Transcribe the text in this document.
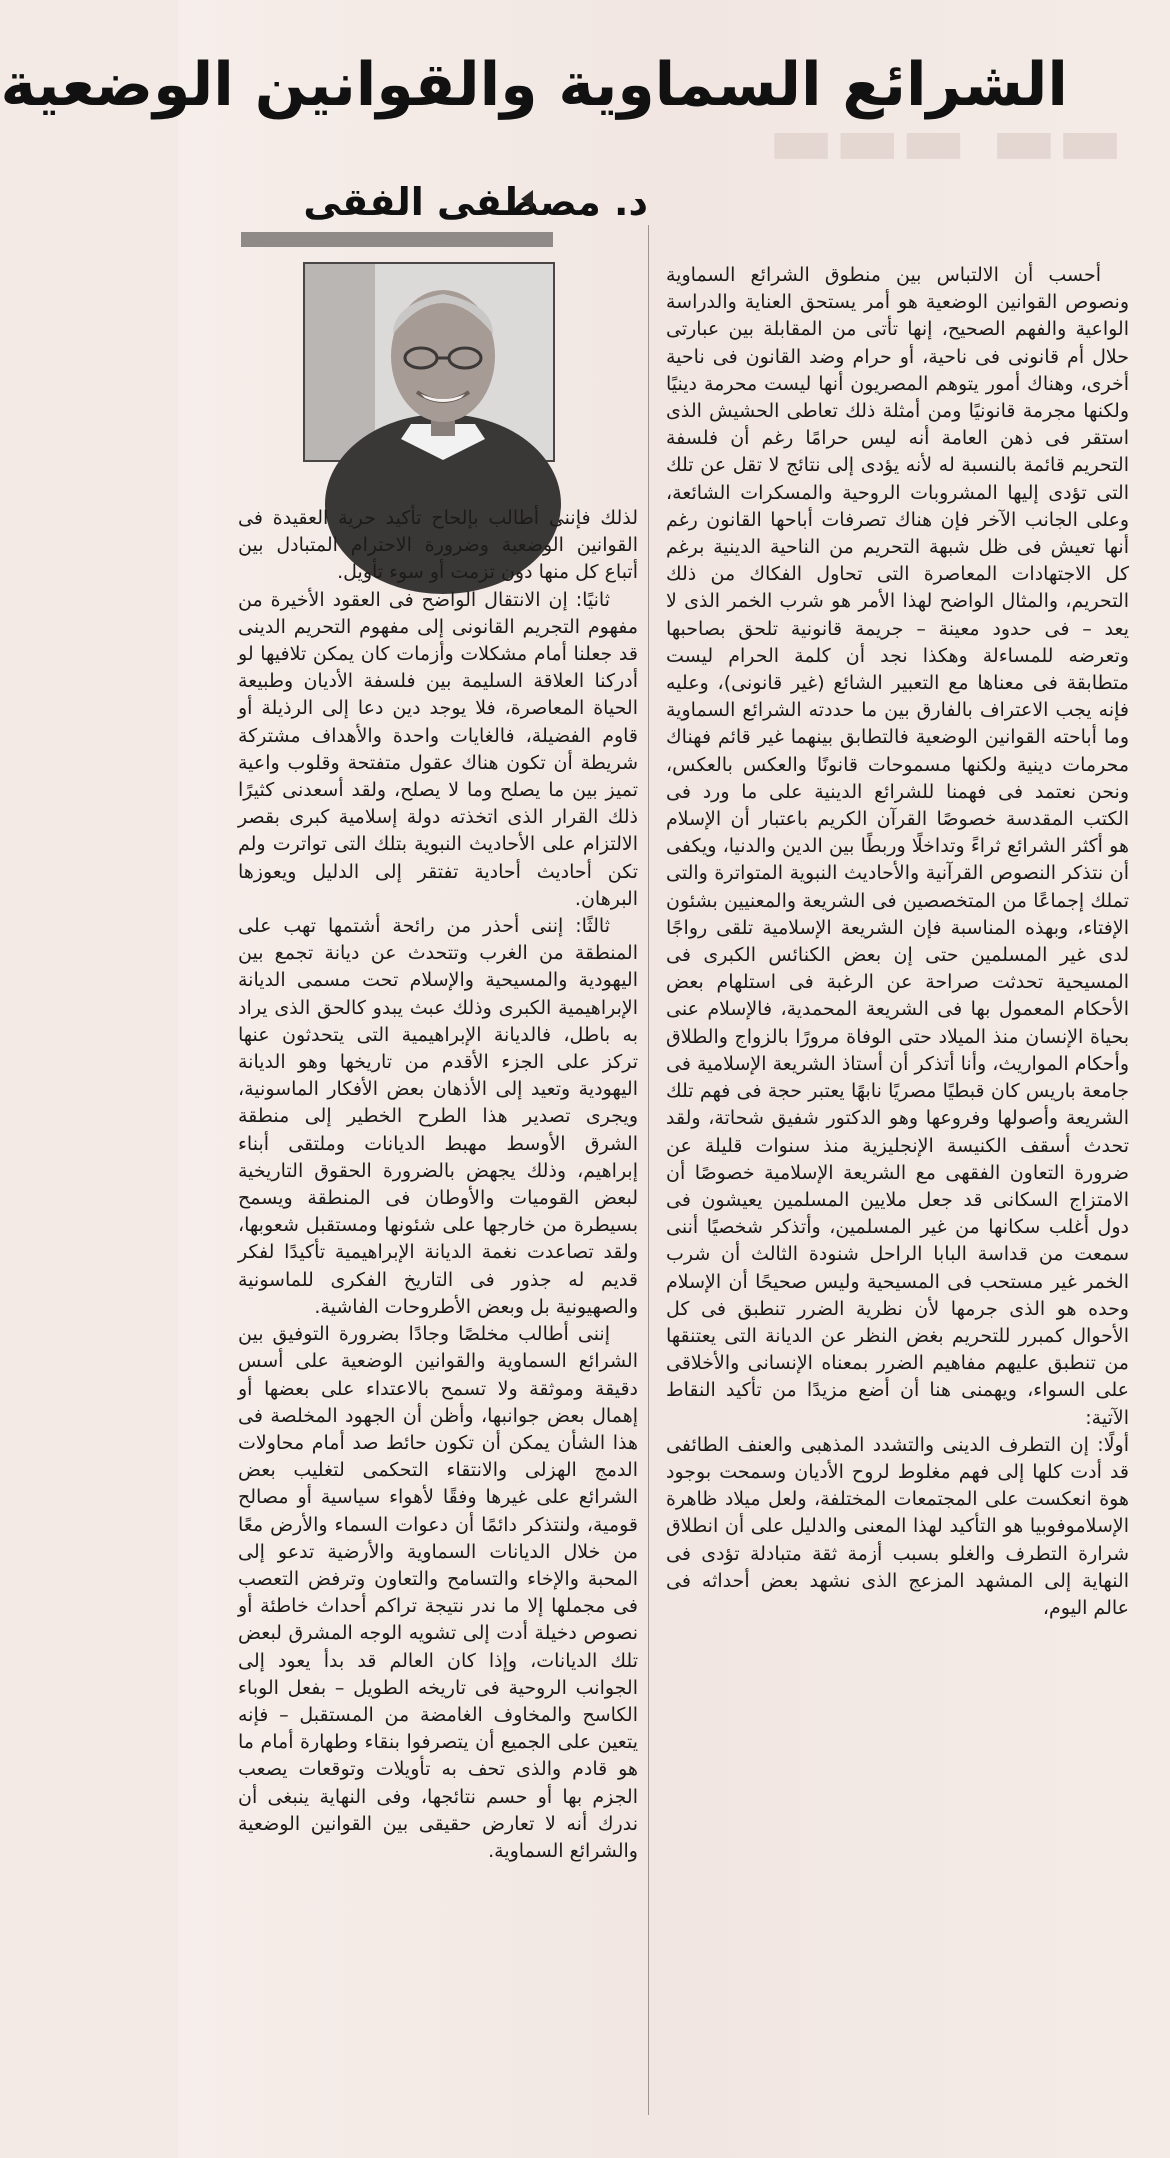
▬▬ ▬▬▬
الشرائع السماوية والقوانين الوضعية
د. مصطفى الفقى

أحسب أن الالتباس بين منطوق الشرائع السماوية ونصوص القوانين الوضعية هو أمر يستحق العناية والدراسة الواعية والفهم الصحيح، إنها تأتى من المقابلة بين عبارتى حلال أم قانونى فى ناحية، أو حرام وضد القانون فى ناحية أخرى، وهناك أمور يتوهم المصريون أنها ليست محرمة دينيًا ولكنها مجرمة قانونيًا ومن أمثلة ذلك تعاطى الحشيش الذى استقر فى ذهن العامة أنه ليس حرامًا رغم أن فلسفة التحريم قائمة بالنسبة له لأنه يؤدى إلى نتائج لا تقل عن تلك التى تؤدى إليها المشروبات الروحية والمسكرات الشائعة، وعلى الجانب الآخر فإن هناك تصرفات أباحها القانون رغم أنها تعيش فى ظل شبهة التحريم من الناحية الدينية برغم كل الاجتهادات المعاصرة التى تحاول الفكاك من ذلك التحريم، والمثال الواضح لهذا الأمر هو شرب الخمر الذى لا يعد – فى حدود معينة – جريمة قانونية تلحق بصاحبها وتعرضه للمساءلة وهكذا نجد أن كلمة الحرام ليست متطابقة فى معناها مع التعبير الشائع (غير قانونى)، وعليه فإنه يجب الاعتراف بالفارق بين ما حددته الشرائع السماوية وما أباحته القوانين الوضعية فالتطابق بينهما غير قائم فهناك محرمات دينية ولكنها مسموحات قانونًا والعكس بالعكس، ونحن نعتمد فى فهمنا للشرائع الدينية على ما ورد فى الكتب المقدسة خصوصًا القرآن الكريم باعتبار أن الإسلام هو أكثر الشرائع ثراءً وتداخلًا وربطًا بين الدين والدنيا، ويكفى أن نتذكر النصوص القرآنية والأحاديث النبوية المتواترة والتى تملك إجماعًا من المتخصصين فى الشريعة والمعنيين بشئون الإفتاء، وبهذه المناسبة فإن الشريعة الإسلامية تلقى رواجًا لدى غير المسلمين حتى إن بعض الكنائس الكبرى فى المسيحية تحدثت صراحة عن الرغبة فى استلهام بعض الأحكام المعمول بها فى الشريعة المحمدية، فالإسلام عنى بحياة الإنسان منذ الميلاد حتى الوفاة مرورًا بالزواج والطلاق وأحكام المواريث، وأنا أتذكر أن أستاذ الشريعة الإسلامية فى جامعة باريس كان قبطيًا مصريًا نابهًا يعتبر حجة فى فهم تلك الشريعة وأصولها وفروعها وهو الدكتور شفيق شحاتة، ولقد تحدث أسقف الكنيسة الإنجليزية منذ سنوات قليلة عن ضرورة التعاون الفقهى مع الشريعة الإسلامية خصوصًا أن الامتزاج السكانى قد جعل ملايين المسلمين يعيشون فى دول أغلب سكانها من غير المسلمين، وأتذكر شخصيًا أننى سمعت من قداسة البابا الراحل شنودة الثالث أن شرب الخمر غير مستحب فى المسيحية وليس صحيحًا أن الإسلام وحده هو الذى جرمها لأن نظرية الضرر تنطبق فى كل الأحوال كمبرر للتحريم بغض النظر عن الديانة التى يعتنقها من تنطبق عليهم مفاهيم الضرر بمعناه الإنسانى والأخلاقى على السواء، ويهمنى هنا أن أضع مزيدًا من تأكيد النقاط الآتية:

أولًا: إن التطرف الدينى والتشدد المذهبى والعنف الطائفى قد أدت كلها إلى فهم مغلوط لروح الأديان وسمحت بوجود هوة انعكست على المجتمعات المختلفة، ولعل ميلاد ظاهرة الإسلاموفوبيا هو التأكيد لهذا المعنى والدليل على أن انطلاق شرارة التطرف والغلو بسبب أزمة ثقة متبادلة تؤدى فى النهاية إلى المشهد المزعج الذى نشهد بعض أحداثه فى عالم اليوم،

لذلك فإننى أطالب بإلحاح تأكيد حرية العقيدة فى القوانين الوضعية وضرورة الاحترام المتبادل بين أتباع كل منها دون تزمت أو سوء تأويل.

ثانيًا: إن الانتقال الواضح فى العقود الأخيرة من مفهوم التجريم القانونى إلى مفهوم التحريم الدينى قد جعلنا أمام مشكلات وأزمات كان يمكن تلافيها لو أدركنا العلاقة السليمة بين فلسفة الأديان وطبيعة الحياة المعاصرة، فلا يوجد دين دعا إلى الرذيلة أو قاوم الفضيلة، فالغايات واحدة والأهداف مشتركة شريطة أن تكون هناك عقول متفتحة وقلوب واعية تميز بين ما يصلح وما لا يصلح، ولقد أسعدنى كثيرًا ذلك القرار الذى اتخذته دولة إسلامية كبرى بقصر الالتزام على الأحاديث النبوية بتلك التى تواترت ولم تكن أحاديث أحادية تفتقر إلى الدليل ويعوزها البرهان.

ثالثًا: إننى أحذر من رائحة أشتمها تهب على المنطقة من الغرب وتتحدث عن ديانة تجمع بين اليهودية والمسيحية والإسلام تحت مسمى الديانة الإبراهيمية الكبرى وذلك عبث يبدو كالحق الذى يراد به باطل، فالديانة الإبراهيمية التى يتحدثون عنها تركز على الجزء الأقدم من تاريخها وهو الديانة اليهودية وتعيد إلى الأذهان بعض الأفكار الماسونية، ويجرى تصدير هذا الطرح الخطير إلى منطقة الشرق الأوسط مهبط الديانات وملتقى أبناء إبراهيم، وذلك يجهض بالضرورة الحقوق التاريخية لبعض القوميات والأوطان فى المنطقة ويسمح بسيطرة من خارجها على شئونها ومستقبل شعوبها، ولقد تصاعدت نغمة الديانة الإبراهيمية تأكيدًا لفكر قديم له جذور فى التاريخ الفكرى للماسونية والصهيونية بل وبعض الأطروحات الفاشية.

إننى أطالب مخلصًا وجادًا بضرورة التوفيق بين الشرائع السماوية والقوانين الوضعية على أسس دقيقة وموثقة ولا تسمح بالاعتداء على بعضها أو إهمال بعض جوانبها، وأظن أن الجهود المخلصة فى هذا الشأن يمكن أن تكون حائط صد أمام محاولات الدمج الهزلى والانتقاء التحكمى لتغليب بعض الشرائع على غيرها وفقًا لأهواء سياسية أو مصالح قومية، ولنتذكر دائمًا أن دعوات السماء والأرض معًا من خلال الديانات السماوية والأرضية تدعو إلى المحبة والإخاء والتسامح والتعاون وترفض التعصب فى مجملها إلا ما ندر نتيجة تراكم أحداث خاطئة أو نصوص دخيلة أدت إلى تشويه الوجه المشرق لبعض تلك الديانات، وإذا كان العالم قد بدأ يعود إلى الجوانب الروحية فى تاريخه الطويل – بفعل الوباء الكاسح والمخاوف الغامضة من المستقبل – فإنه يتعين على الجميع أن يتصرفوا بنقاء وطهارة أمام ما هو قادم والذى تحف به تأويلات وتوقعات يصعب الجزم بها أو حسم نتائجها، وفى النهاية ينبغى أن ندرك أنه لا تعارض حقيقى بين القوانين الوضعية والشرائع السماوية.
